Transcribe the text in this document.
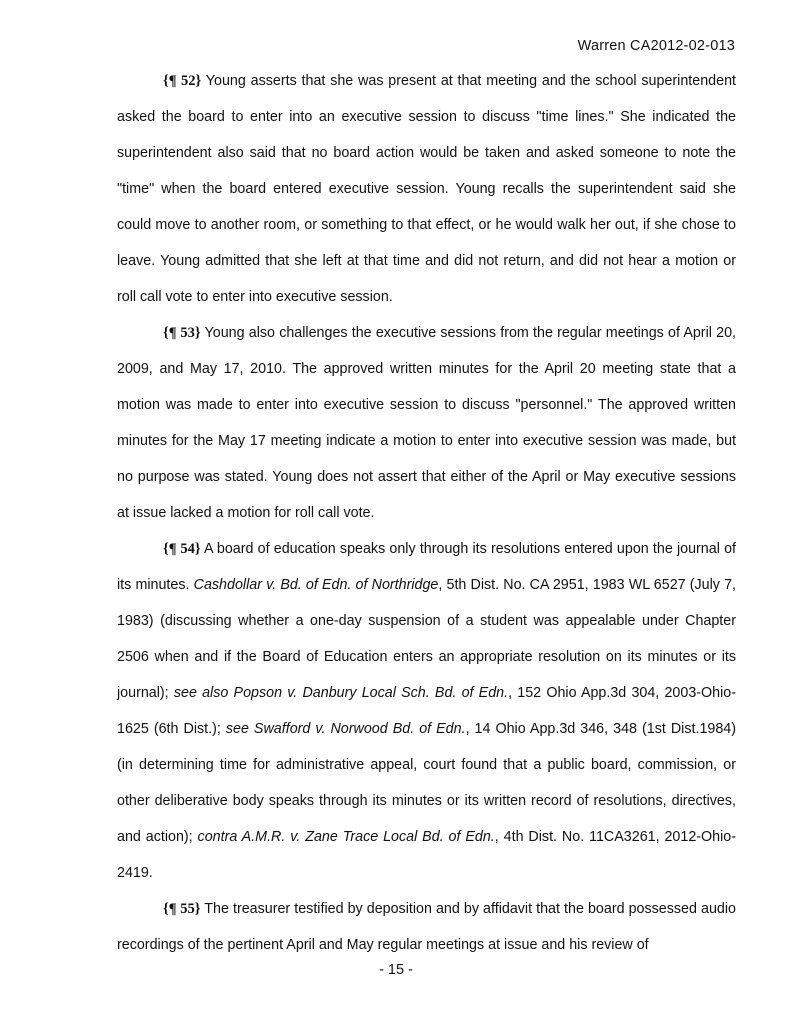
Warren CA2012-02-013

{¶ 52} Young asserts that she was present at that meeting and the school superintendent asked the board to enter into an executive session to discuss "time lines." She indicated the superintendent also said that no board action would be taken and asked someone to note the "time" when the board entered executive session. Young recalls the superintendent said she could move to another room, or something to that effect, or he would walk her out, if she chose to leave. Young admitted that she left at that time and did not return, and did not hear a motion or roll call vote to enter into executive session.

{¶ 53} Young also challenges the executive sessions from the regular meetings of April 20, 2009, and May 17, 2010. The approved written minutes for the April 20 meeting state that a motion was made to enter into executive session to discuss "personnel." The approved written minutes for the May 17 meeting indicate a motion to enter into executive session was made, but no purpose was stated. Young does not assert that either of the April or May executive sessions at issue lacked a motion for roll call vote.

{¶ 54} A board of education speaks only through its resolutions entered upon the journal of its minutes. Cashdollar v. Bd. of Edn. of Northridge, 5th Dist. No. CA 2951, 1983 WL 6527 (July 7, 1983) (discussing whether a one-day suspension of a student was appealable under Chapter 2506 when and if the Board of Education enters an appropriate resolution on its minutes or its journal); see also Popson v. Danbury Local Sch. Bd. of Edn., 152 Ohio App.3d 304, 2003-Ohio-1625 (6th Dist.); see Swafford v. Norwood Bd. of Edn., 14 Ohio App.3d 346, 348 (1st Dist.1984) (in determining time for administrative appeal, court found that a public board, commission, or other deliberative body speaks through its minutes or its written record of resolutions, directives, and action); contra A.M.R. v. Zane Trace Local Bd. of Edn., 4th Dist. No. 11CA3261, 2012-Ohio-2419.

{¶ 55} The treasurer testified by deposition and by affidavit that the board possessed audio recordings of the pertinent April and May regular meetings at issue and his review of

- 15 -
